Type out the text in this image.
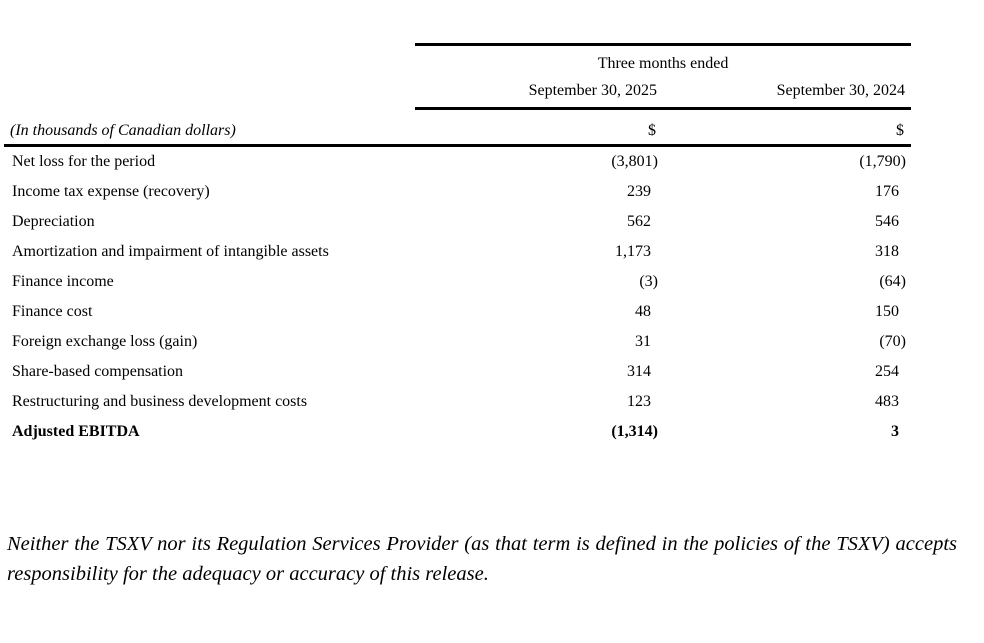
Three months ended
September 30, 2025	September 30, 2024
(In thousands of Canadian dollars)	$	$
Net loss for the period	(3,801)	(1,790)
Income tax expense (recovery)	239	176
Depreciation	562	546
Amortization and impairment of intangible assets	1,173	318
Finance income	(3)	(64)
Finance cost	48	150
Foreign exchange loss (gain)	31	(70)
Share-based compensation	314	254
Restructuring and business development costs	123	483
Adjusted EBITDA	(1,314)	3

Neither the TSXV nor its Regulation Services Provider (as that term is defined in the policies of the TSXV) accepts responsibility for the adequacy or accuracy of this release.
